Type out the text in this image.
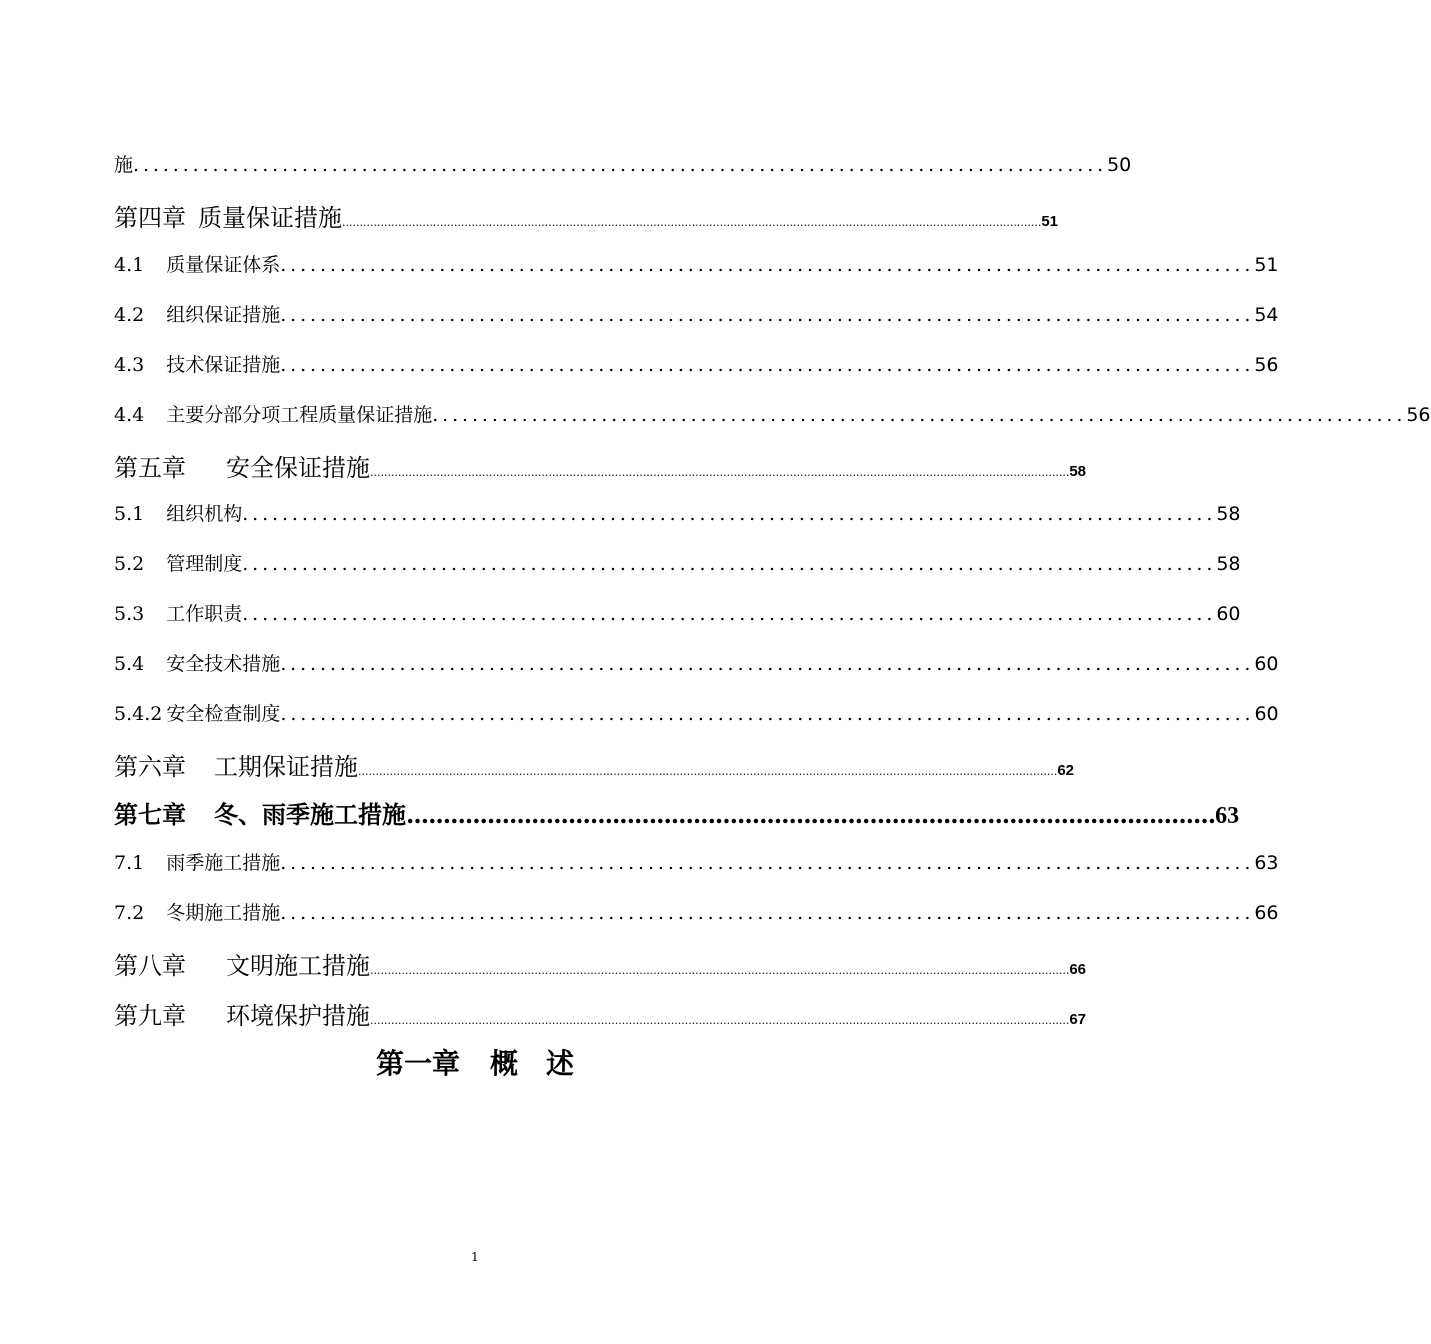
施 .................................................................................................. 50
第四章 质量保证措施 ........................................................................................................................................................................................................ 51
4.1 质量保证体系 .................................................................................................. 51
4.2 组织保证措施 .................................................................................................. 54
4.3 技术保证措施 .................................................................................................. 56
4.4 主要分部分项工程质量保证措施 .................................................................................................. 56
第五章 安全保证措施 ........................................................................................................................................................................................................ 58
5.1 组织机构 .................................................................................................. 58
5.2 管理制度 .................................................................................................. 58
5.3 工作职责 .................................................................................................. 60
5.4 安全技术措施 .................................................................................................. 60
5.4.2 安全检查制度 .................................................................................................. 60
第六章 工期保证措施 ........................................................................................................................................................................................................ 62
第七章 冬、雨季施工措施 .............................................................................................................. 63
7.1 雨季施工措施 .................................................................................................. 63
7.2 冬期施工措施 .................................................................................................. 66
第八章 文明施工措施 ........................................................................................................................................................................................................ 66
第九章 环境保护措施 ........................................................................................................................................................................................................ 67
第一章 概 述
1
